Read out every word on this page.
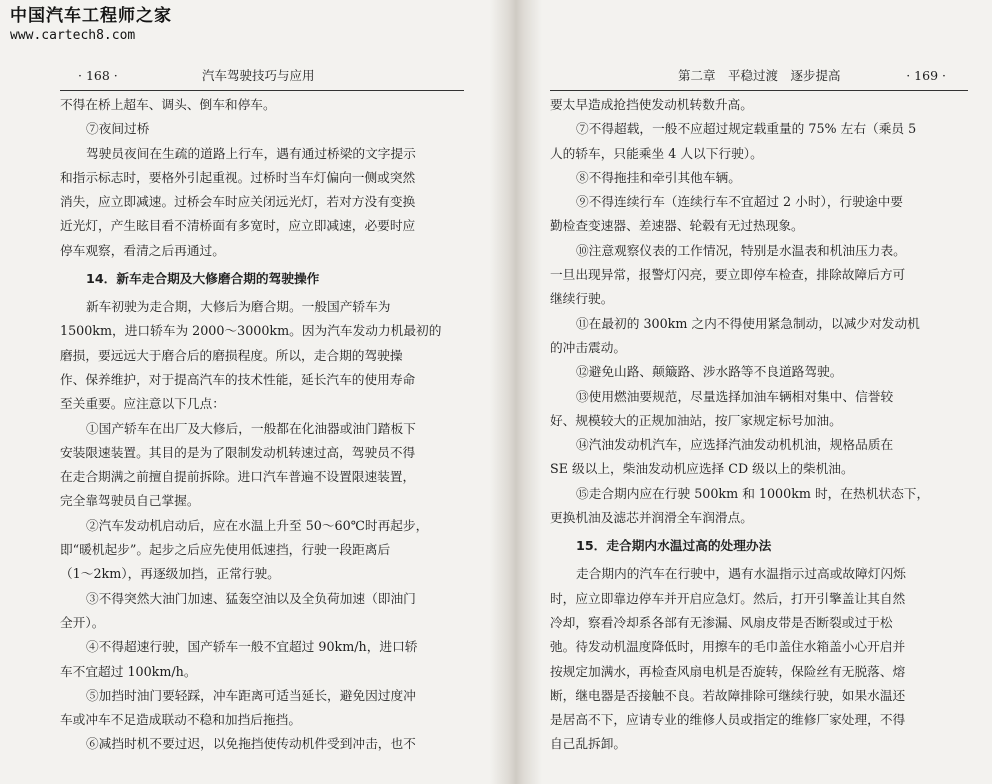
中国汽车工程师之家
www.cartech8.com
· 168 ·	汽车驾驶技巧与应用

不得在桥上超车、调头、倒车和停车。

⑦夜间过桥

驾驶员夜间在生疏的道路上行车，遇有通过桥梁的文字提示

和指示标志时，要格外引起重视。过桥时当车灯偏向一侧或突然

消失，应立即减速。过桥会车时应关闭远光灯，若对方没有变换

近光灯，产生眩目看不清桥面有多宽时，应立即减速，必要时应

停车观察，看清之后再通过。

14．新车走合期及大修磨合期的驾驶操作

新车初驶为走合期，大修后为磨合期。一般国产轿车为

1500km，进口轿车为 2000～3000km。因为汽车发动力机最初的

磨损，要远远大于磨合后的磨损程度。所以，走合期的驾驶操

作、保养维护，对于提高汽车的技术性能，延长汽车的使用寿命

至关重要。应注意以下几点：

①国产轿车在出厂及大修后，一般都在化油器或油门踏板下

安装限速装置。其目的是为了限制发动机转速过高，驾驶员不得

在走合期满之前擅自提前拆除。进口汽车普遍不设置限速装置，

完全靠驾驶员自己掌握。

②汽车发动机启动后，应在水温上升至 50～60℃时再起步，

即“暖机起步”。起步之后应先使用低速挡，行驶一段距离后

（1～2km），再逐级加挡，正常行驶。

③不得突然大油门加速、猛轰空油以及全负荷加速（即油门

全开）。

④不得超速行驶，国产轿车一般不宜超过 90km/h，进口轿

车不宜超过 100km/h。

⑤加挡时油门要轻踩，冲车距离可适当延长，避免因过度冲

车或冲车不足造成联动不稳和加挡后拖挡。

⑥减挡时机不要过迟，以免拖挡使传动机件受到冲击，也不

第二章　平稳过渡　逐步提高	· 169 ·

要太早造成抢挡使发动机转数升高。

⑦不得超载，一般不应超过规定载重量的 75% 左右（乘员 5

人的轿车，只能乘坐 4 人以下行驶）。

⑧不得拖挂和牵引其他车辆。

⑨不得连续行车（连续行车不宜超过 2 小时），行驶途中要

勤检查变速器、差速器、轮毂有无过热现象。

⑩注意观察仪表的工作情况，特别是水温表和机油压力表。

一旦出现异常，报警灯闪亮，要立即停车检查，排除故障后方可

继续行驶。

⑪在最初的 300km 之内不得使用紧急制动，以减少对发动机

的冲击震动。

⑫避免山路、颠簸路、涉水路等不良道路驾驶。

⑬使用燃油要规范，尽量选择加油车辆相对集中、信誉较

好、规模较大的正规加油站，按厂家规定标号加油。

⑭汽油发动机汽车，应选择汽油发动机机油，规格品质在

SE 级以上，柴油发动机应选择 CD 级以上的柴机油。

⑮走合期内应在行驶 500km 和 1000km 时，在热机状态下，

更换机油及滤芯并润滑全车润滑点。

15．走合期内水温过高的处理办法

走合期内的汽车在行驶中，遇有水温指示过高或故障灯闪烁

时，应立即靠边停车并开启应急灯。然后，打开引擎盖让其自然

冷却，察看冷却系各部有无渗漏、风扇皮带是否断裂或过于松

弛。待发动机温度降低时，用擦车的毛巾盖住水箱盖小心开启并

按规定加满水，再检查风扇电机是否旋转，保险丝有无脱落、熔

断，继电器是否接触不良。若故障排除可继续行驶，如果水温还

是居高不下，应请专业的维修人员或指定的维修厂家处理，不得

自己乱拆卸。
